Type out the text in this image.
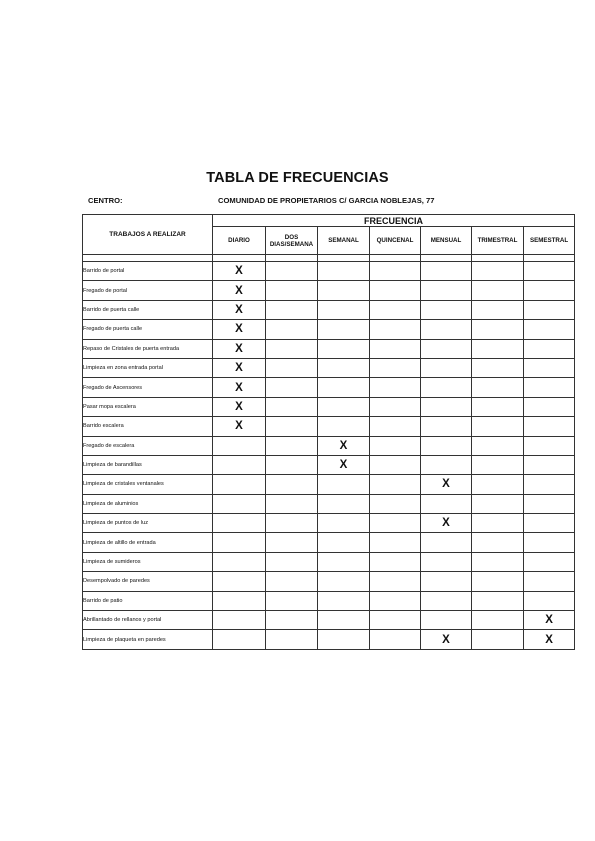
TABLA DE FRECUENCIAS
CENTRO:	COMUNIDAD DE PROPIETARIOS C/ GARCIA NOBLEJAS, 77
TRABAJOS A REALIZAR	FRECUENCIA						
	DIARIO	DOS DIAS/SEMANA	SEMANAL	QUINCENAL	MENSUAL	TRIMESTRAL	SEMESTRAL

Barrido de portal	X						
Fregado de portal	X						
Barrido de puerta calle	X						
Fregado de puerta calle	X						
Repaso de Cristales de puerta entrada	X						
Limpieza en zona entrada portal	X						
Fregado de Ascensores	X						
Pasar mopa escalera	X						
Barrido escalera	X						
Fregado de escalera			X				
Limpieza de barandillas			X				
Limpieza de cristales ventanales					X		
Limpieza de aluminios							
Limpieza de puntos de luz					X		
Limpieza de altillo de entrada							
Limpieza de sumideros							
Desempolvado de paredes							
Barrido de patio							
Abrillantado de rellanos y portal							X
Limpieza de plaqueta en paredes					X		X
